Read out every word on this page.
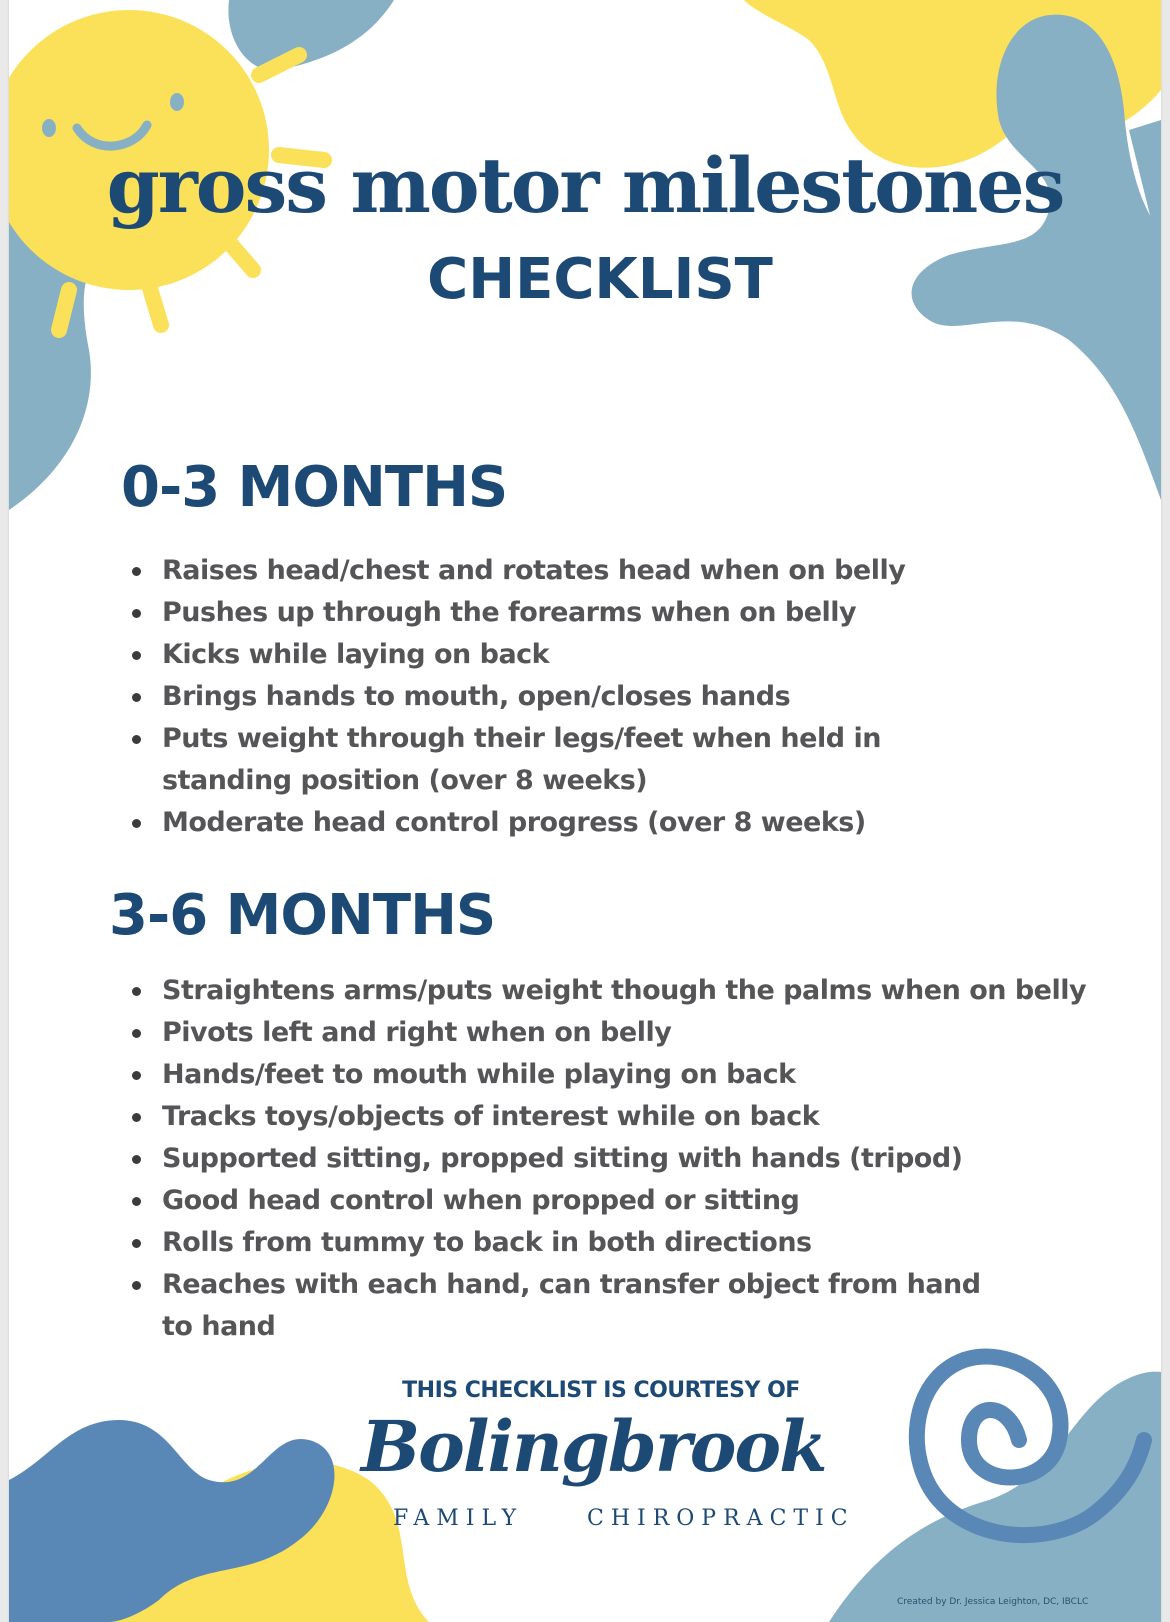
gross motor milestones
CHECKLIST
0-3 MONTHS
Raises head/chest and rotates head when on belly
Pushes up through the forearms when on belly
Kicks while laying on back
Brings hands to mouth, open/closes hands
Puts weight through their legs/feet when held in standing position (over 8 weeks)
Moderate head control progress (over 8 weeks)
3-6 MONTHS
Straightens arms/puts weight though the palms when on belly
Pivots left and right when on belly
Hands/feet to mouth while playing on back
Tracks toys/objects of interest while on back
Supported sitting, propped sitting with hands (tripod)
Good head control when propped or sitting
Rolls from tummy to back in both directions
Reaches with each hand, can transfer object from hand to hand
THIS CHECKLIST IS COURTESY OF
Bolingbrook
FAMILY	CHIROPRACTIC
Created by Dr. Jessica Leighton, DC, IBCLC
